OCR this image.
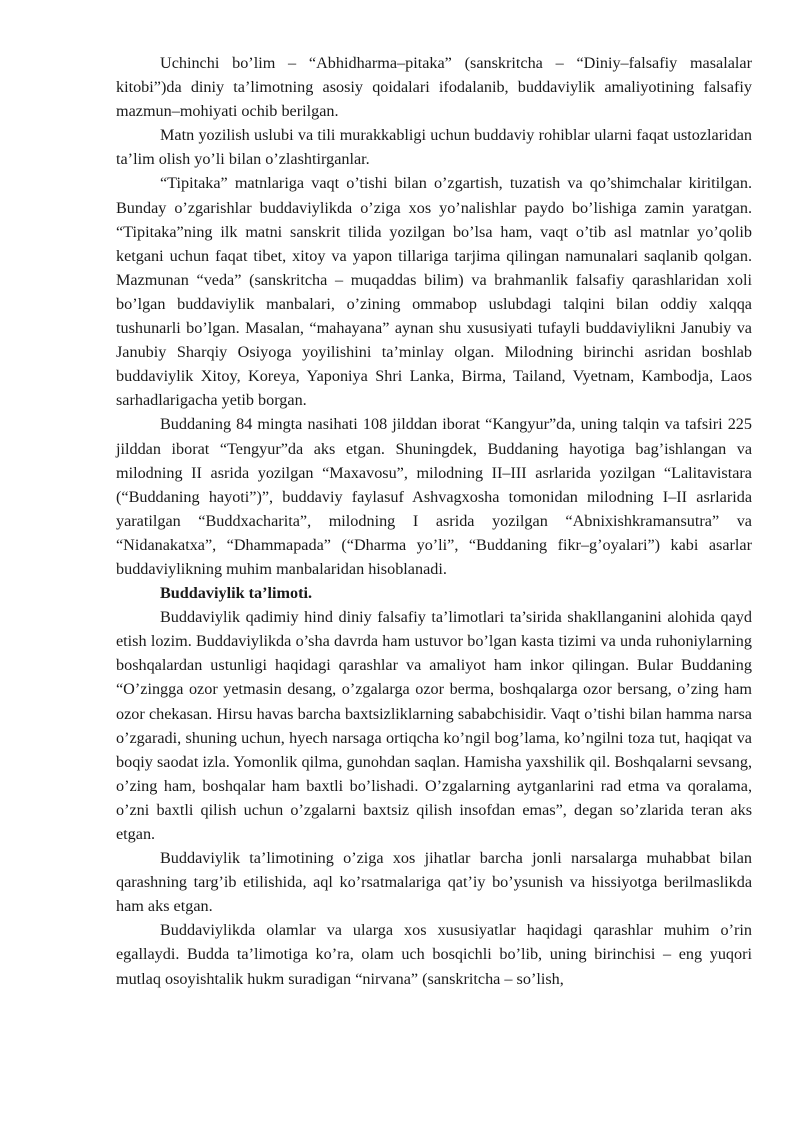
Uchinchi bo’lim – “Abhidharma–pitaka” (sanskritcha – “Diniy–falsafiy masalalar kitobi”)da diniy ta’limotning asosiy qoidalari ifodalanib, buddaviylik amaliyotining falsafiy mazmun–mohiyati ochib berilgan.

Matn yozilish uslubi va tili murakkabligi uchun buddaviy rohiblar ularni faqat ustozlaridan ta’lim olish yo’li bilan o’zlashtirganlar.

“Tipitaka” matnlariga vaqt o’tishi bilan o’zgartish, tuzatish va qo’shimchalar kiritilgan. Bunday o’zgarishlar buddaviylikda o’ziga xos yo’nalishlar paydo bo’lishiga zamin yaratgan. “Tipitaka”ning ilk matni sanskrit tilida yozilgan bo’lsa ham, vaqt o’tib asl matnlar yo’qolib ketgani uchun faqat tibet, xitoy va yapon tillariga tarjima qilingan namunalari saqlanib qolgan. Mazmunan “veda” (sanskritcha – muqaddas bilim) va brahmanlik falsafiy qarashlaridan xoli bo’lgan buddaviylik manbalari, o’zining ommabop uslubdagi talqini bilan oddiy xalqqa tushunarli bo’lgan. Masalan, “mahayana” aynan shu xususiyati tufayli buddaviylikni Janubiy va Janubiy Sharqiy Osiyoga yoyilishini ta’minlay olgan. Milodning birinchi asridan boshlab buddaviylik Xitoy, Koreya, Yaponiya Shri Lanka, Birma, Tailand, Vyetnam, Kambodja, Laos sarhadlarigacha yetib borgan.

Buddaning 84 mingta nasihati 108 jilddan iborat “Kangyur”da, uning talqin va tafsiri 225 jilddan iborat “Tengyur”da aks etgan. Shuningdek, Buddaning hayotiga bag’ishlangan va milodning II asrida yozilgan “Maxavosu”, milodning II–III asrlarida yozilgan “Lalitavistara (“Buddaning hayoti”)”, buddaviy faylasuf Ashvagxosha tomonidan milodning I–II asrlarida yaratilgan “Buddxacharita”, milodning I asrida yozilgan “Abnixishkramansutra” va “Nidanakatxa”, “Dhammapada” (“Dharma yo’li”, “Buddaning fikr–g’oyalari”) kabi asarlar buddaviylikning muhim manbalaridan hisoblanadi.

Buddaviylik ta’limoti.

Buddaviylik qadimiy hind diniy falsafiy ta’limotlari ta’sirida shakllanganini alohida qayd etish lozim. Buddaviylikda o’sha davrda ham ustuvor bo’lgan kasta tizimi va unda ruhoniylarning boshqalardan ustunligi haqidagi qarashlar va amaliyot ham inkor qilingan. Bular Buddaning “O’zingga ozor yetmasin desang, o’zgalarga ozor berma, boshqalarga ozor bersang, o’zing ham ozor chekasan. Hirsu havas barcha baxtsizliklarning sababchisidir. Vaqt o’tishi bilan hamma narsa o’zgaradi, shuning uchun, hyech narsaga ortiqcha ko’ngil bog’lama, ko’ngilni toza tut, haqiqat va boqiy saodat izla. Yomonlik qilma, gunohdan saqlan. Hamisha yaxshilik qil. Boshqalarni sevsang, o’zing ham, boshqalar ham baxtli bo’lishadi. O’zgalarning aytganlarini rad etma va qoralama, o’zni baxtli qilish uchun o’zgalarni baxtsiz qilish insofdan emas”, degan so’zlarida teran aks etgan.

Buddaviylik ta’limotining o’ziga xos jihatlar barcha jonli narsalarga muhabbat bilan qarashning targ’ib etilishida, aql ko’rsatmalariga qat’iy bo’ysunish va hissiyotga berilmaslikda ham aks etgan.

Buddaviylikda olamlar va ularga xos xususiyatlar haqidagi qarashlar muhim o’rin egallaydi. Budda ta’limotiga ko’ra, olam uch bosqichli bo’lib, uning birinchisi – eng yuqori mutlaq osoyishtalik hukm suradigan “nirvana” (sanskritcha – so’lish,
